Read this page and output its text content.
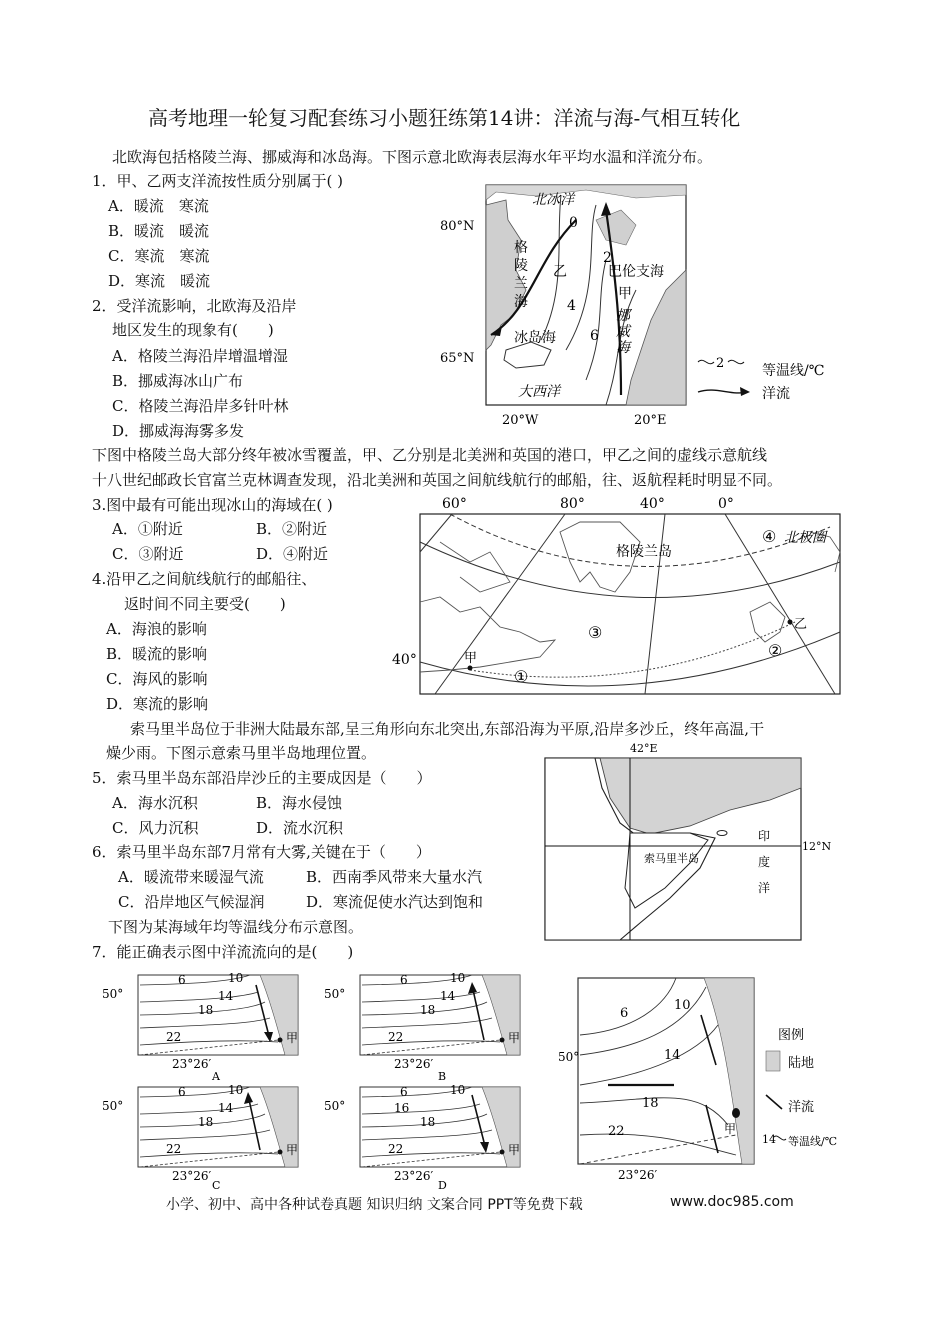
高考地理一轮复习配套练习小题狂练第14讲：洋流与海-气相互转化
北欧海包括格陵兰海、挪威海和冰岛海。下图示意北欧海表层海水年平均水温和洋流分布。
1．甲、乙两支洋流按性质分别属于( )
A．暖流　寒流
B．暖流　暖流
C．寒流　寒流
D．寒流　暖流
2．受洋流影响，北欧海及沿岸
地区发生的现象有(　　)
A．格陵兰海沿岸增温增湿
B．挪威海冰山广布
C．格陵兰海沿岸多针叶林
D．挪威海海雾多发
北冰洋
格
陵
兰
海
乙	巴伦支海
甲
挪
威
海
冰岛海
大西洋
0
2
4
6
80°N
65°N
20°W	20°E
2	等温线/℃
洋流
下图中格陵兰岛大部分终年被冰雪覆盖，甲、乙分别是北美洲和英国的港口，甲乙之间的虚线示意航线
十八世纪邮政长官富兰克林调查发现，沿北美洲和英国之间航线航行的邮船，往、返航程耗时明显不同。
3.图中最有可能出现冰山的海域在( )
A．①附近	B．②附近
C．③附近	D．④附近
4.沿甲乙之间航线航行的邮船往、
返时间不同主要受(　　)
A．海浪的影响
B．暖流的影响
C．海风的影响
D．寒流的影响
60°	80°	40°	0°
40°
格陵兰岛
北极圈
甲
乙
①
②
③
④
索马里半岛位于非洲大陆最东部,呈三角形向东北突出,东部沿海为平原,沿岸多沙丘，终年高温,干
燥少雨。下图示意索马里半岛地理位置。
5．索马里半岛东部沿岸沙丘的主要成因是（　　）
A．海水沉积	B．海水侵蚀
C．风力沉积	D．流水沉积
6．索马里半岛东部7月常有大雾,关键在于（　　）
A．暖流带来暖湿气流	B．西南季风带来大量水汽
C．沿岸地区气候湿润	D．寒流促使水汽达到饱和
42°E
12°N
索马里半岛
印
度
洋
下图为某海域年均等温线分布示意图。
7．能正确表示图中洋流流向的是(　　)
50°
6	10
14
18
22	甲
23°26′
A
50°
6	10
14
18
22	甲
23°26′
B
50°
6	10
14
18
22	甲
23°26′
C
50°
6	10
16
18
22	甲
23°26′
D
6
10
14
18
22
50°
甲
23°26′
图例
陆地
洋流
14 等温线/℃
小学、初中、高中各种试卷真题 知识归纳 文案合同 PPT等免费下载	www.doc985.com
